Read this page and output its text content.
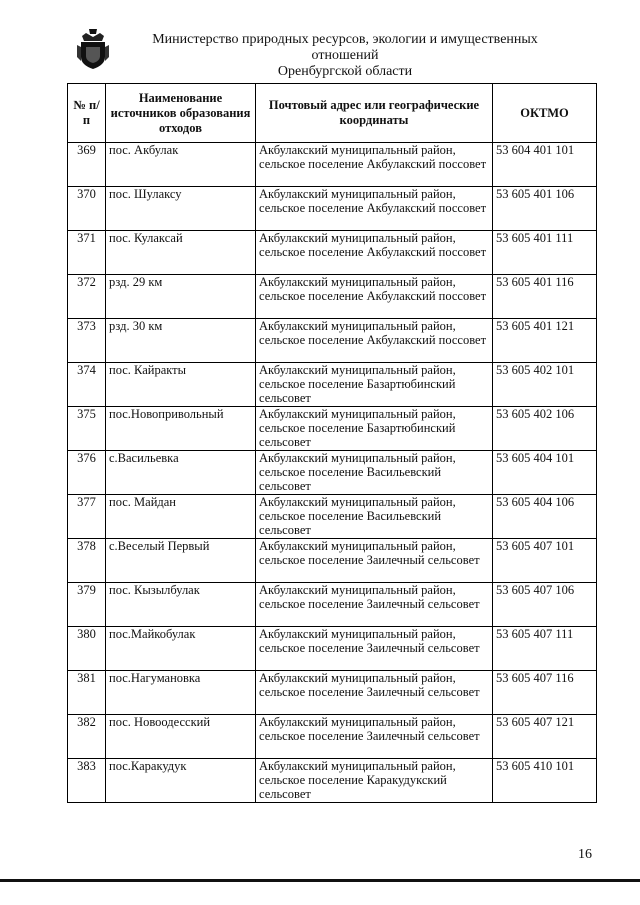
Министерство природных ресурсов, экологии и имущественных отношений
Оренбургской области
№ п/п	Наименование источников образования отходов	Почтовый адрес или географические координаты	ОКТМО
369	пос. Акбулак	Акбулакский муниципальный район, сельское поселение Акбулакский поссовет	53 604 401 101
370	пос. Шулаксу	Акбулакский муниципальный район, сельское поселение Акбулакский поссовет	53 605 401 106
371	пос. Кулаксай	Акбулакский муниципальный район, сельское поселение Акбулакский поссовет	53 605 401 111
372	рзд. 29 км	Акбулакский муниципальный район, сельское поселение Акбулакский поссовет	53 605 401 116
373	рзд. 30 км	Акбулакский муниципальный район, сельское поселение Акбулакский поссовет	53 605 401 121
374	пос. Кайракты	Акбулакский муниципальный район, сельское поселение Базартюбинский сельсовет	53 605 402 101
375	пос.Новопривольный	Акбулакский муниципальный район, сельское поселение Базартюбинский сельсовет	53 605 402 106
376	с.Васильевка	Акбулакский муниципальный район, сельское поселение Васильевский сельсовет	53 605 404 101
377	пос. Майдан	Акбулакский муниципальный район, сельское поселение Васильевский сельсовет	53 605 404 106
378	с.Веселый Первый	Акбулакский муниципальный район, сельское поселение Заилечный сельсовет	53 605 407 101
379	пос. Кызылбулак	Акбулакский муниципальный район, сельское поселение Заилечный сельсовет	53 605 407 106
380	пос.Майкобулак	Акбулакский муниципальный район, сельское поселение Заилечный сельсовет	53 605 407 111
381	пос.Нагумановка	Акбулакский муниципальный район, сельское поселение Заилечный сельсовет	53 605 407 116
382	пос. Новоодесский	Акбулакский муниципальный район, сельское поселение Заилечный сельсовет	53 605 407 121
383	пос.Каракудук	Акбулакский муниципальный район, сельское поселение Каракудукский сельсовет	53 605 410 101
16
